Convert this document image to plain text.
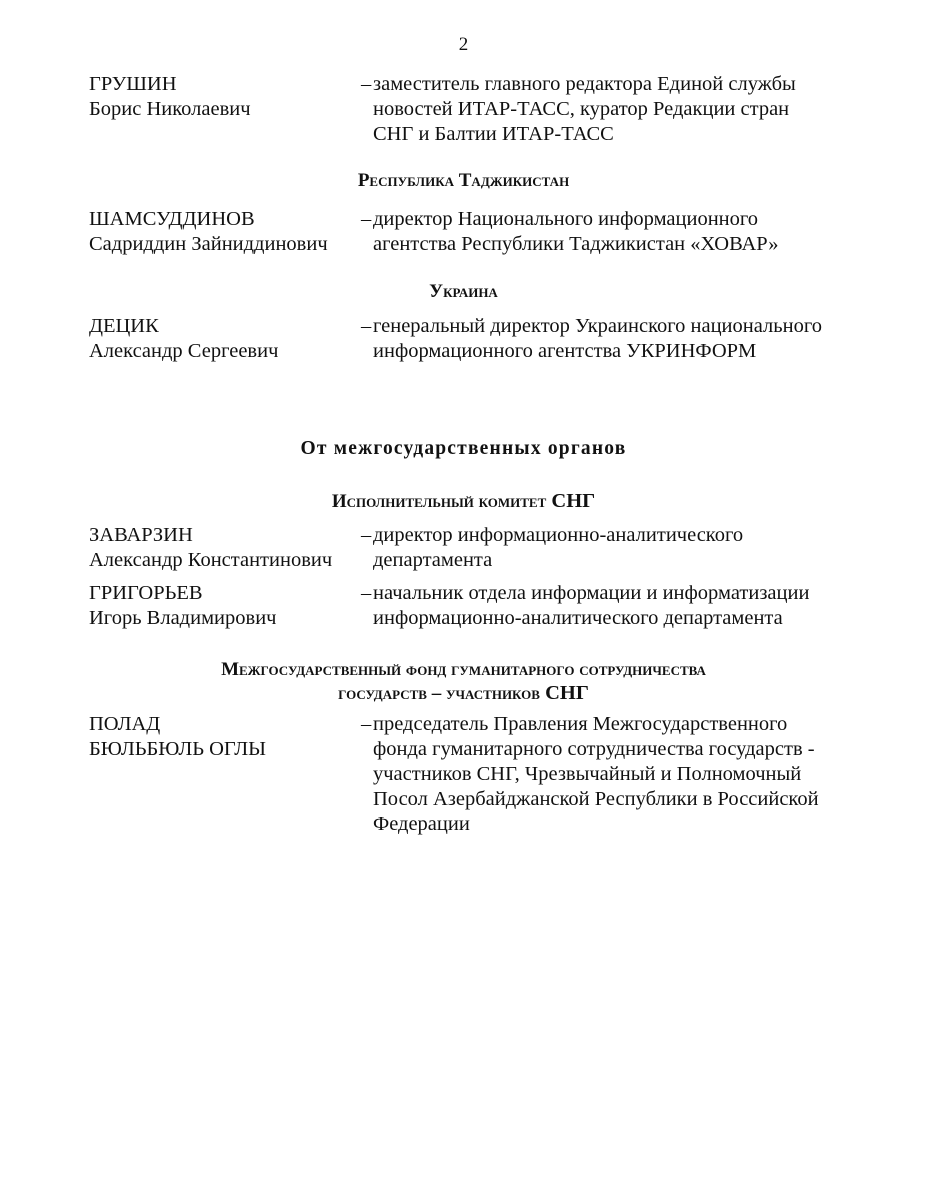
2
ГРУШИН
Борис Николаевич
– заместитель главного редактора Единой службы
новостей ИТАР-ТАСС, куратор Редакции стран
СНГ и Балтии ИТАР-ТАСС
Республика Таджикистан
ШАМСУДДИНОВ
Садриддин Зайниддинович
– директор Национального информационного
агентства Республики Таджикистан «ХОВАР»
Украина
ДЕЦИК
Александр Сергеевич
– генеральный директор Украинского национального
информационного агентства УКРИНФОРМ
От межгосударственных органов
Исполнительный комитет СНГ
ЗАВАРЗИН
Александр Константинович
– директор информационно-аналитического
департамента
ГРИГОРЬЕВ
Игорь Владимирович
– начальник отдела информации и информатизации
информационно-аналитического департамента
Межгосударственный фонд гуманитарного сотрудничества
государств – участников СНГ
ПОЛАД
БЮЛЬБЮЛЬ ОГЛЫ
– председатель Правления Межгосударственного
фонда гуманитарного сотрудничества государств -
участников СНГ, Чрезвычайный и Полномочный
Посол Азербайджанской Республики в Российской
Федерации
